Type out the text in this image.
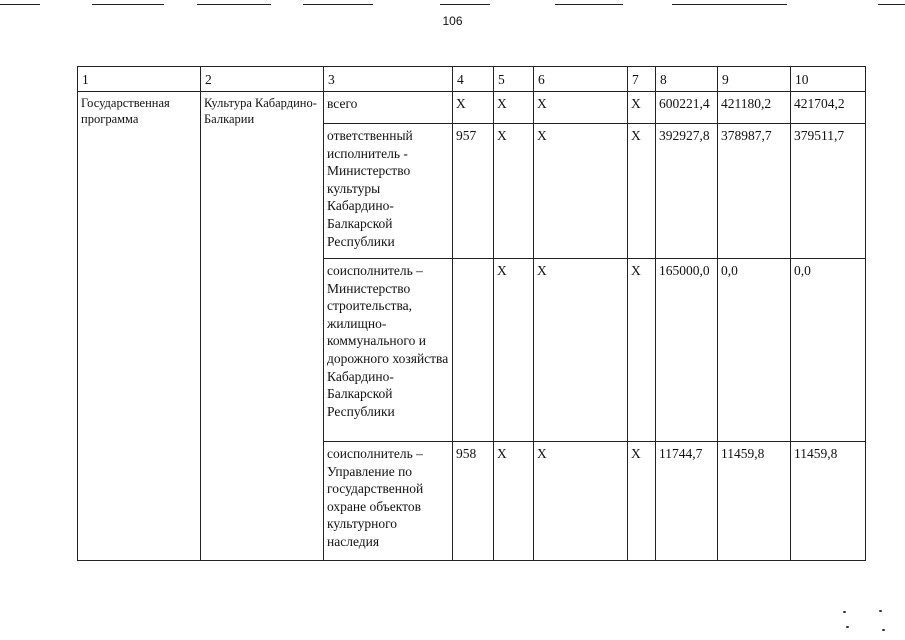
106
1	2	3	4	5	6	7	8	9	10
Государственная программа	Культура Кабардино-Балкарии	всего	X	X	X	X	600221,4	421180,2	421704,2
		ответственный исполнитель - Министерство культуры Кабардино-Балкарской Республики	957	X	X	X	392927,8	378987,7	379511,7
		соисполнитель – Министерство строительства, жилищно-коммунального и дорожного хозяйства Кабардино-Балкарской Республики		X	X	X	165000,0	0,0	0,0
		соисполнитель – Управление по государственной охране объектов культурного наследия	958	X	X	X	11744,7	11459,8	11459,8
